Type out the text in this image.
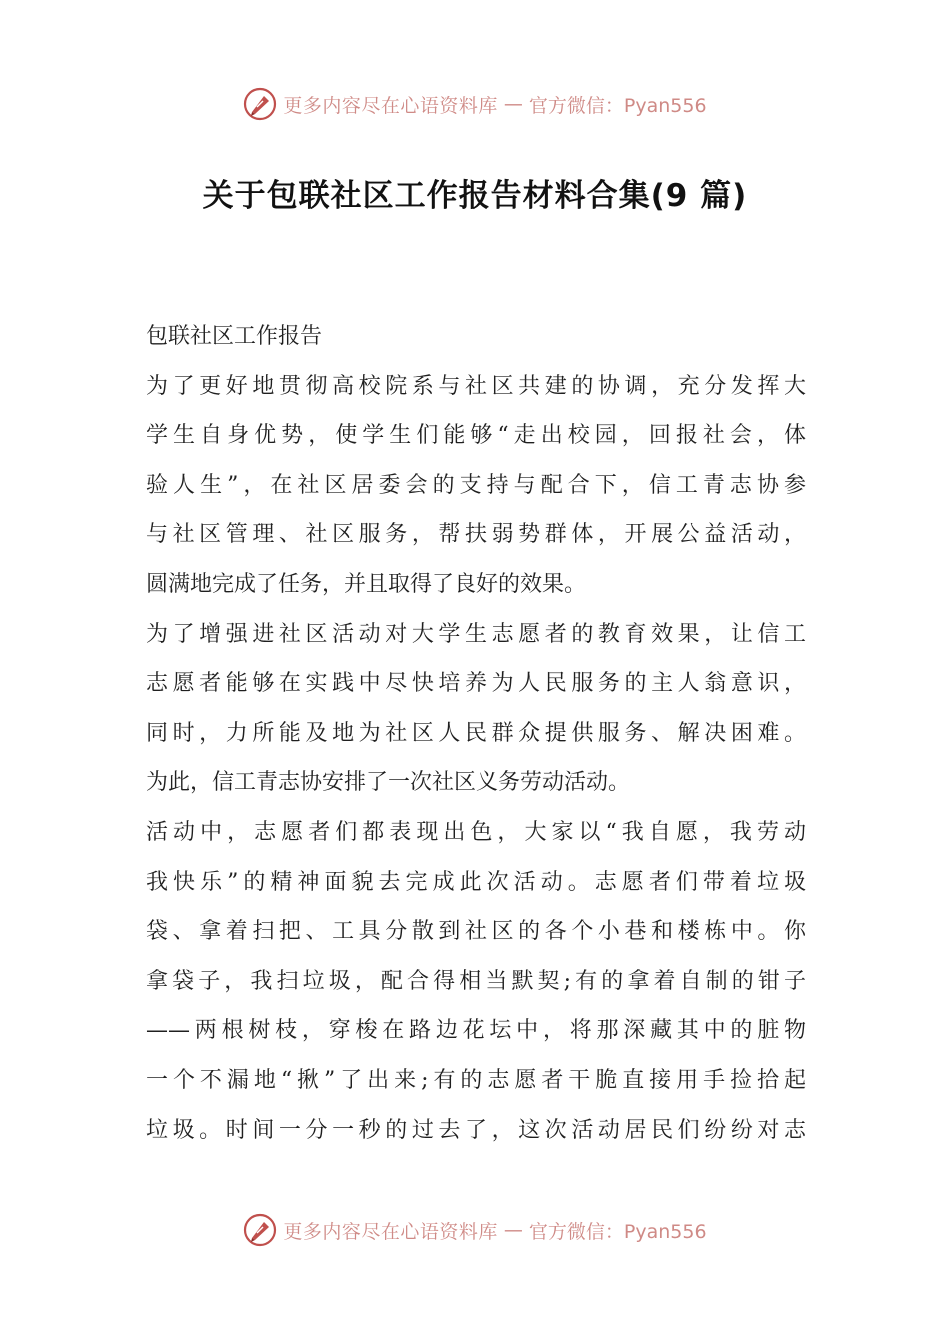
更多内容尽在心语资料库 — 官方微信：Pyan556
关于包联社区工作报告材料合集(9 篇)
包联社区工作报告
为了更好地贯彻高校院系与社区共建的协调，充分发挥大
学生自身优势，使学生们能够“走出校园，回报社会，体
验人生”，在社区居委会的支持与配合下，信工青志协参
与社区管理、社区服务，帮扶弱势群体，开展公益活动，
圆满地完成了任务，并且取得了良好的效果。
为了增强进社区活动对大学生志愿者的教育效果，让信工
志愿者能够在实践中尽快培养为人民服务的主人翁意识，
同时，力所能及地为社区人民群众提供服务、解决困难。
为此，信工青志协安排了一次社区义务劳动活动。
活动中，志愿者们都表现出色，大家以“我自愿，我劳动
我快乐”的精神面貌去完成此次活动。志愿者们带着垃圾
袋、拿着扫把、工具分散到社区的各个小巷和楼栋中。你
拿袋子，我扫垃圾，配合得相当默契;有的拿着自制的钳子
——两根树枝，穿梭在路边花坛中，将那深藏其中的脏物
一个不漏地“揪”了出来;有的志愿者干脆直接用手捡拾起
垃圾。时间一分一秒的过去了，这次活动居民们纷纷对志
更多内容尽在心语资料库 — 官方微信：Pyan556
